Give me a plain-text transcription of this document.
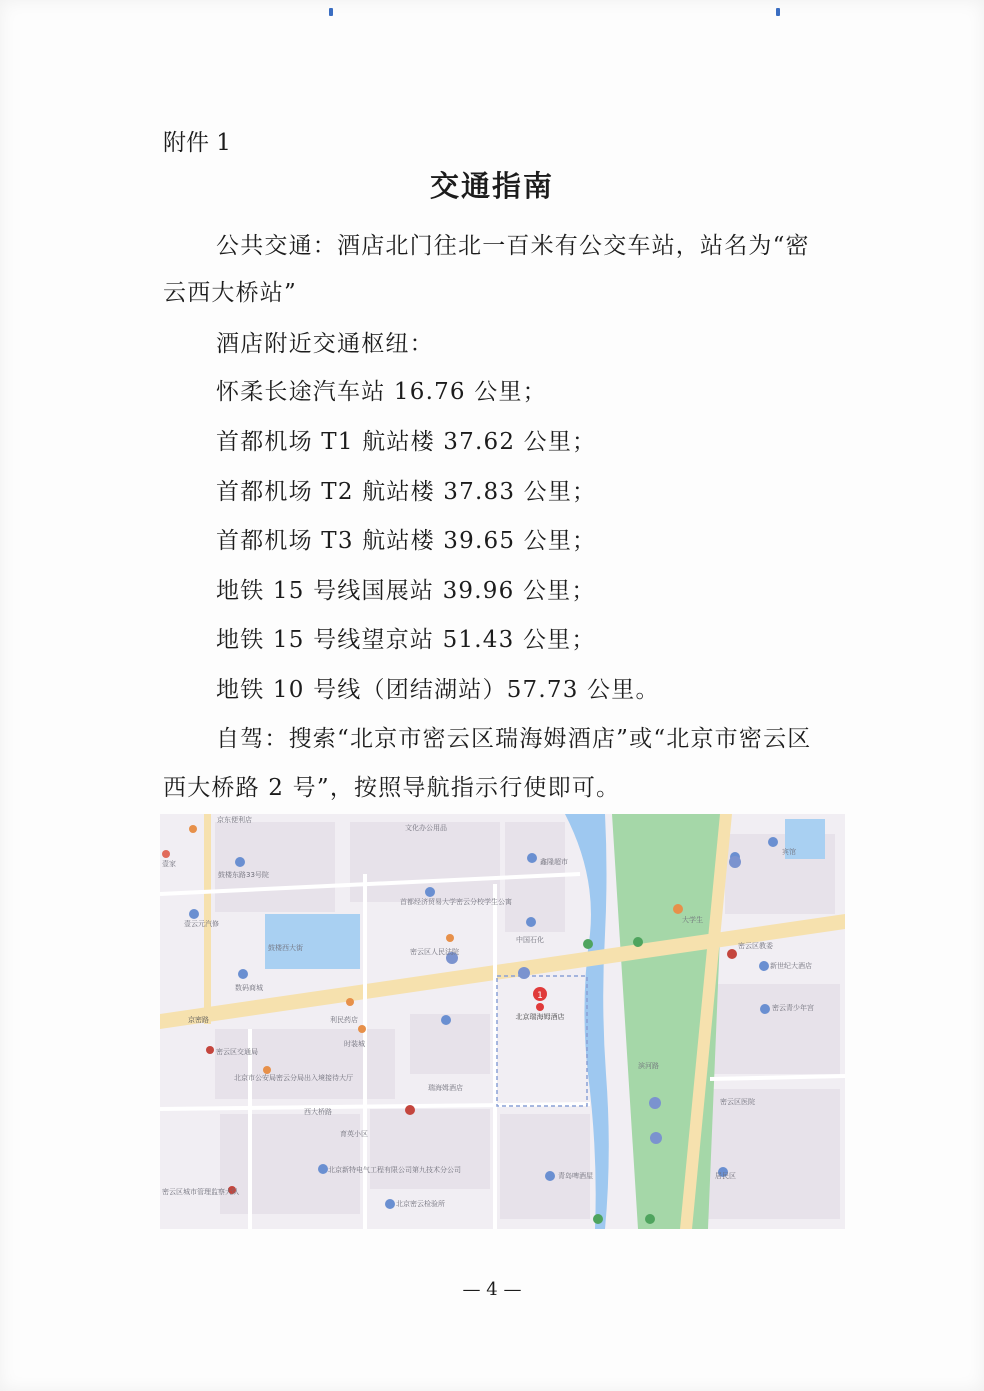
附件 1
交通指南
公共交通：酒店北门往北一百米有公交车站，站名为“密
云西大桥站”
酒店附近交通枢纽：
怀柔长途汽车站 16.76 公里；
首都机场 T1 航站楼 37.62 公里；
首都机场 T2 航站楼 37.83 公里；
首都机场 T3 航站楼 39.65 公里；
地铁 15 号线国展站 39.96 公里；
地铁 15 号线望京站 51.43 公里；
地铁 10 号线（团结湖站）57.73 公里。
自驾：搜索“北京市密云区瑞海姆酒店”或“北京市密云区
西大桥路 2 号”，按照导航指示行使即可。
1
北京瑞海姆酒店
京密路
京东便利店
文化办公用品
壹家	鑫隆超市
鼓楼东路33号院
壹云元汽修
首都经济贸易大学密云分校学生公寓
中国石化
密云区人民法院
鼓楼西大街
数码商城
瑞海姆酒店
利民药店
时装城
密云区交通局
北京市公安局密云分局出入境接待大厅
西大桥路
育英小区
北京新特电气工程有限公司第九技术分公司
北京密云检验所
密云区城市管理监察大队
青岛啤酒屋
密云区教委
密云青少年宫
密云区医院
新世纪大酒店
大学生
宾馆
居民区
滨河路
— 4 —
